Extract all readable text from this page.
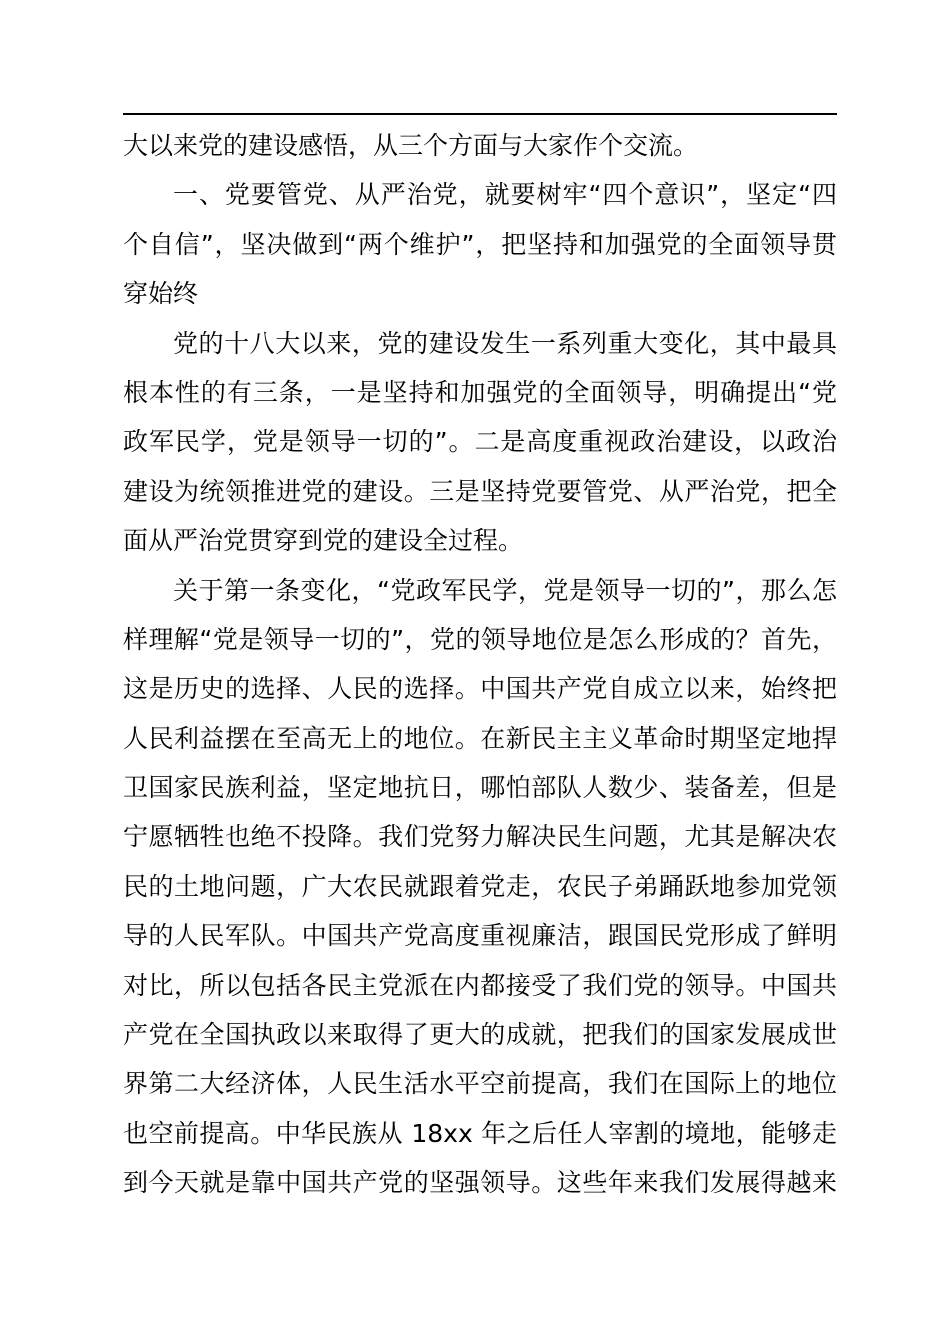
大以来党的建设感悟，从三个方面与大家作个交流。
一、党要管党、从严治党，就要树牢“四个意识”，坚定“四
个自信”，坚决做到“两个维护”，把坚持和加强党的全面领导贯
穿始终
党的十八大以来，党的建设发生一系列重大变化，其中最具
根本性的有三条，一是坚持和加强党的全面领导，明确提出“党
政军民学，党是领导一切的”。二是高度重视政治建设，以政治
建设为统领推进党的建设。三是坚持党要管党、从严治党，把全
面从严治党贯穿到党的建设全过程。
关于第一条变化，“党政军民学，党是领导一切的”，那么怎
样理解“党是领导一切的”，党的领导地位是怎么形成的？首先，
这是历史的选择、人民的选择。中国共产党自成立以来，始终把
人民利益摆在至高无上的地位。在新民主主义革命时期坚定地捍
卫国家民族利益，坚定地抗日，哪怕部队人数少、装备差，但是
宁愿牺牲也绝不投降。我们党努力解决民生问题，尤其是解决农
民的土地问题，广大农民就跟着党走，农民子弟踊跃地参加党领
导的人民军队。中国共产党高度重视廉洁，跟国民党形成了鲜明
对比，所以包括各民主党派在内都接受了我们党的领导。中国共
产党在全国执政以来取得了更大的成就，把我们的国家发展成世
界第二大经济体，人民生活水平空前提高，我们在国际上的地位
也空前提高。中华民族从 18xx 年之后任人宰割的境地，能够走
到今天就是靠中国共产党的坚强领导。这些年来我们发展得越来
